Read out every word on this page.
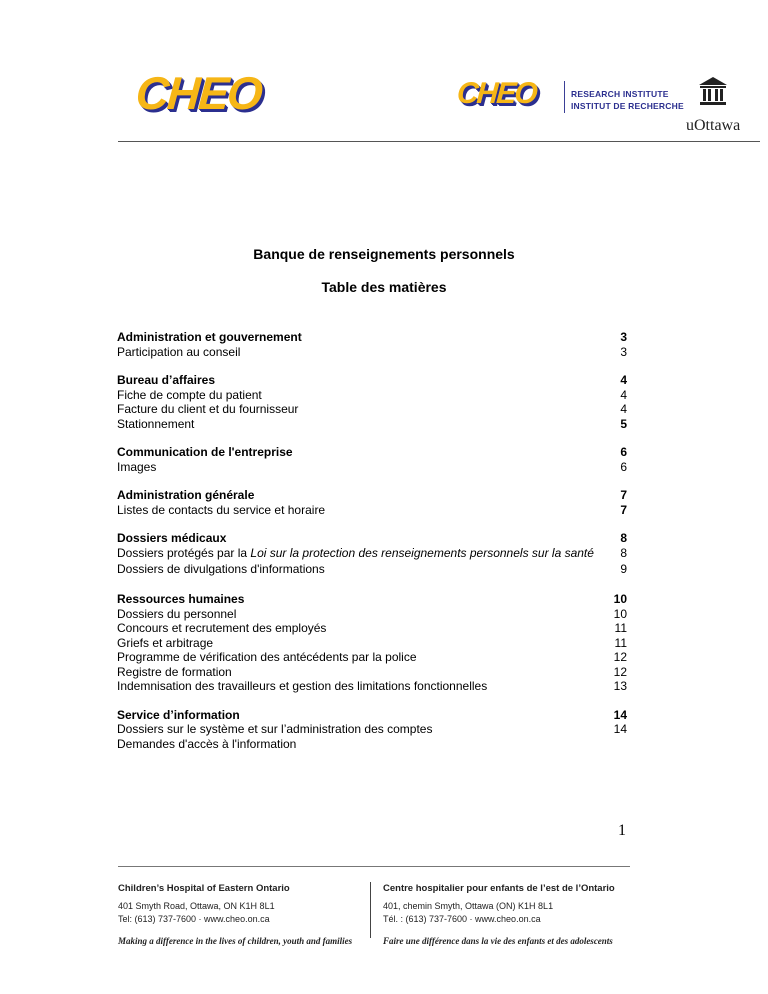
CHEO	CHEO	RESEARCH INSTITUTE
INSTITUT DE RECHERCHE
uOttawa
Banque de renseignements personnels
Table des matières
Administration et gouvernement	3
Participation au conseil	3
Bureau d’affaires	4
Fiche de compte du patient	4
Facture du client et du fournisseur	4
Stationnement	5
Communication de l'entreprise	6
Images	6
Administration générale	7
Listes de contacts du service et horaire	7
Dossiers médicaux	8
Dossiers protégés par la Loi sur la protection des renseignements personnels sur la santé	8
Dossiers de divulgations d'informations	9
Ressources humaines	10
Dossiers du personnel	10
Concours et recrutement des employés	11
Griefs et arbitrage	11
Programme de vérification des antécédents par la police	12
Registre de formation	12
Indemnisation des travailleurs et gestion des limitations fonctionnelles	13
Service d’information	14
Dossiers sur le système et sur l’administration des comptes	14
Demandes d'accès à l'information
1
Children’s Hospital of Eastern Ontario
401 Smyth Road, Ottawa, ON K1H 8L1
Tel: (613) 737-7600 · www.cheo.on.ca
Making a difference in the lives of children, youth and families
Centre hospitalier pour enfants de l’est de l’Ontario
401, chemin Smyth, Ottawa (ON) K1H 8L1
Tél. : (613) 737-7600 · www.cheo.on.ca
Faire une différence dans la vie des enfants et des adolescents
